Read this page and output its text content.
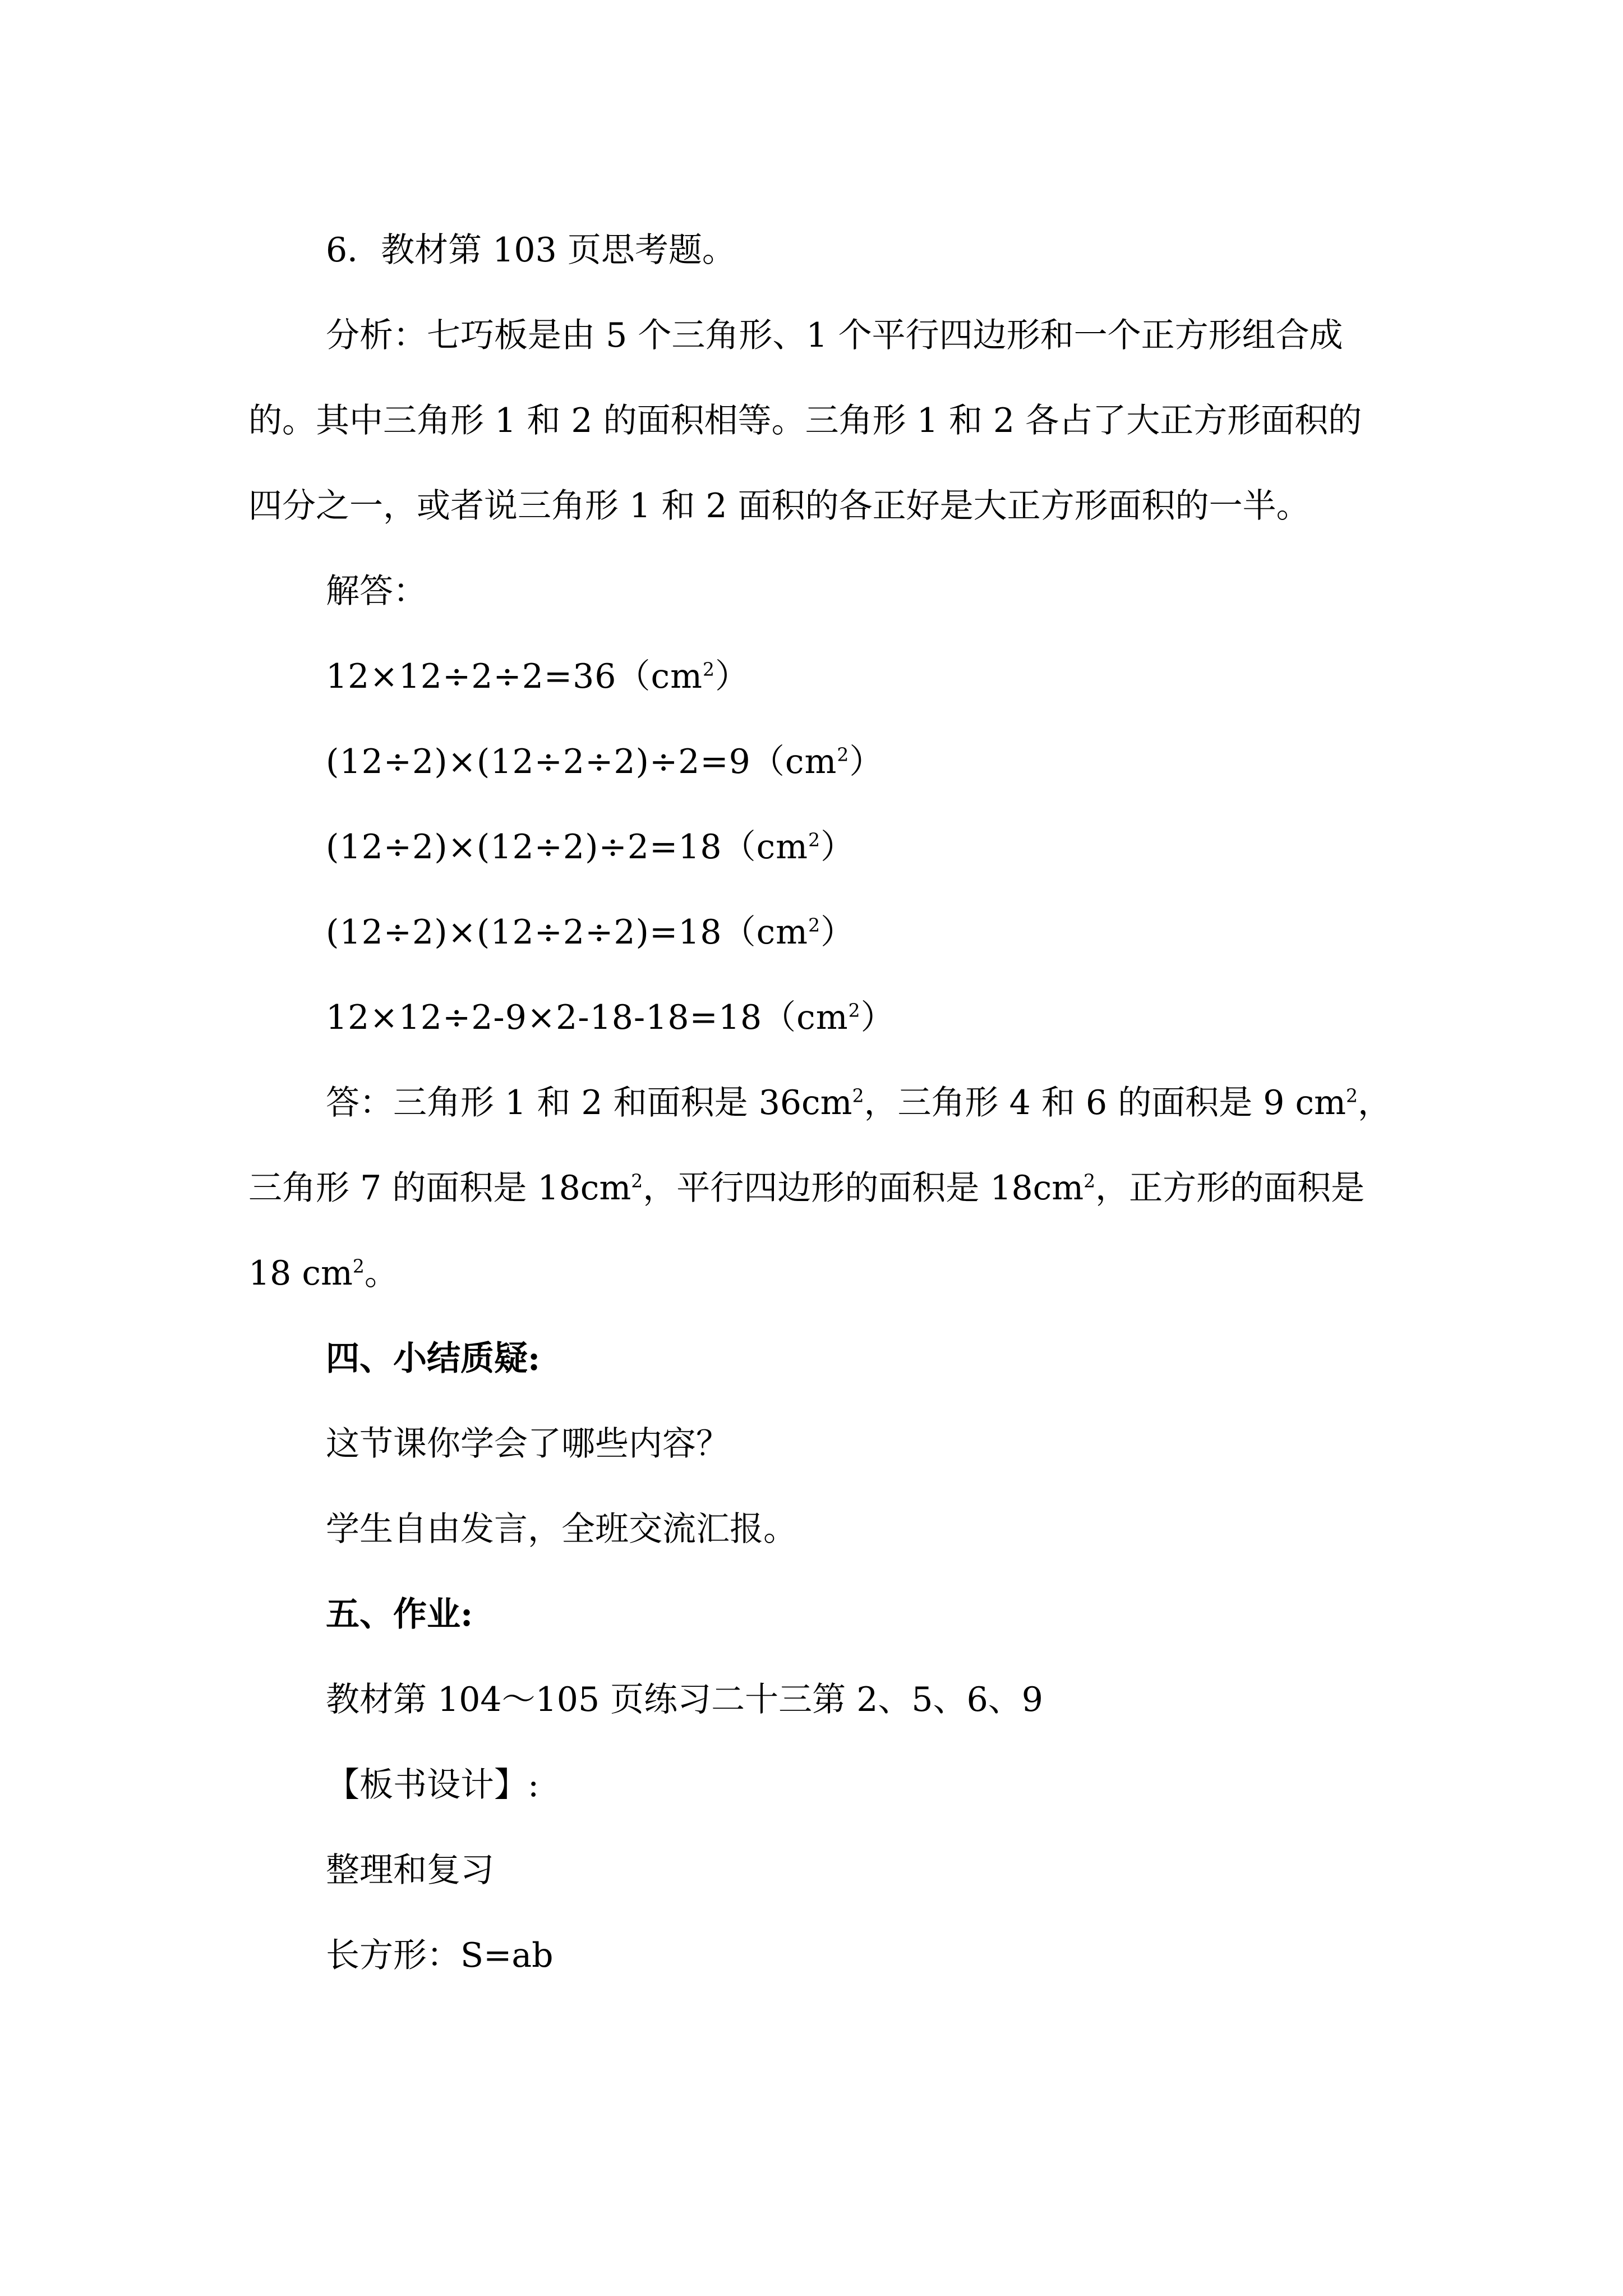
6．教材第 103 页思考题。

分析：七巧板是由 5 个三角形、1 个平行四边形和一个正方形组合成的。其中三角形 1 和 2 的面积相等。三角形 1 和 2 各占了大正方形面积的四分之一，或者说三角形 1 和 2 面积的各正好是大正方形面积的一半。

解答：

$12\times 12\div 2\div 2=36(cm^2)$

$(12\div 2)\times(12\div 2\div 2)\div 2=9(cm^2)$

$(12\div 2)\times(12\div 2)\div 2=18(cm^2)$

$(12\div 2)\times(12\div 2\div 2)=18(cm^2)$

$12\times 12\div 2-9\times 2-18-18=18(cm^2)$

答：三角形 1 和 2 和面积是 $36cm^2$，三角形 4 和 6 的面积是 9 $cm^2$，三角形 7 的面积是 $18cm^2$，平行四边形的面积是 $18cm^2$，正方形的面积是 18 $cm^2$。

四、小结质疑:

这节课你学会了哪些内容？

学生自由发言，全班交流汇报。

五、作业:

教材第 104～105 页练习二十三第 2、5、6、9

【板书设计】:

整理和复习

长方形：S=ab
